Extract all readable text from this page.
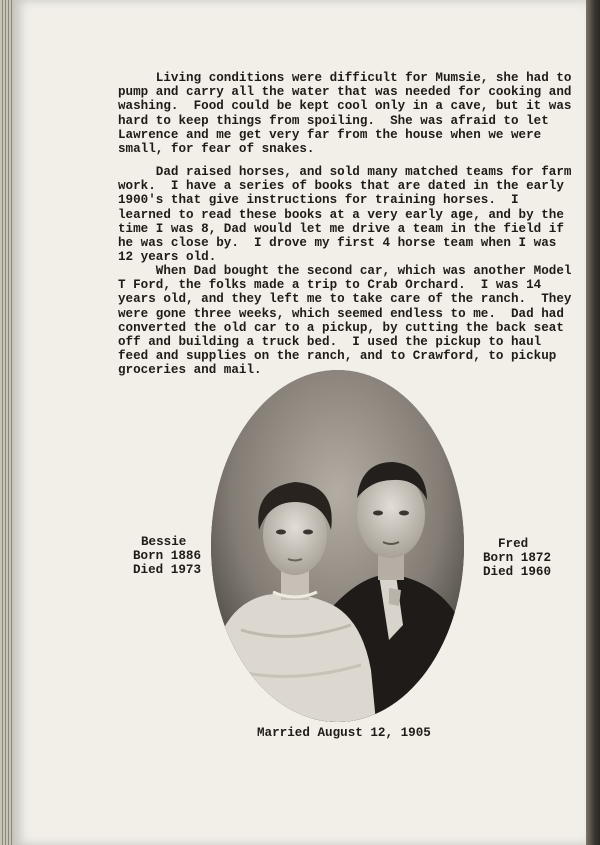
Living conditions were difficult for Mumsie, she had to
pump and carry all the water that was needed for cooking and
washing.  Food could be kept cool only in a cave, but it was
hard to keep things from spoiling.  She was afraid to let
Lawrence and me get very far from the house when we were
small, for fear of snakes.

Dad raised horses, and sold many matched teams for farm
work.  I have a series of books that are dated in the early
1900's that give instructions for training horses.  I
learned to read these books at a very early age, and by the
time I was 8, Dad would let me drive a team in the field if
he was close by.  I drove my first 4 horse team when I was
12 years old.

When Dad bought the second car, which was another Model
T Ford, the folks made a trip to Crab Orchard.  I was 14
years old, and they left me to take care of the ranch.  They
were gone three weeks, which seemed endless to me.  Dad had
converted the old car to a pickup, by cutting the back seat
off and building a truck bed.  I used the pickup to haul
feed and supplies on the ranch, and to Crawford, to pickup
groceries and mail.

Bessie
Born 1886
Died 1973
Fred
Born 1872
Died 1960
Married August 12, 1905
